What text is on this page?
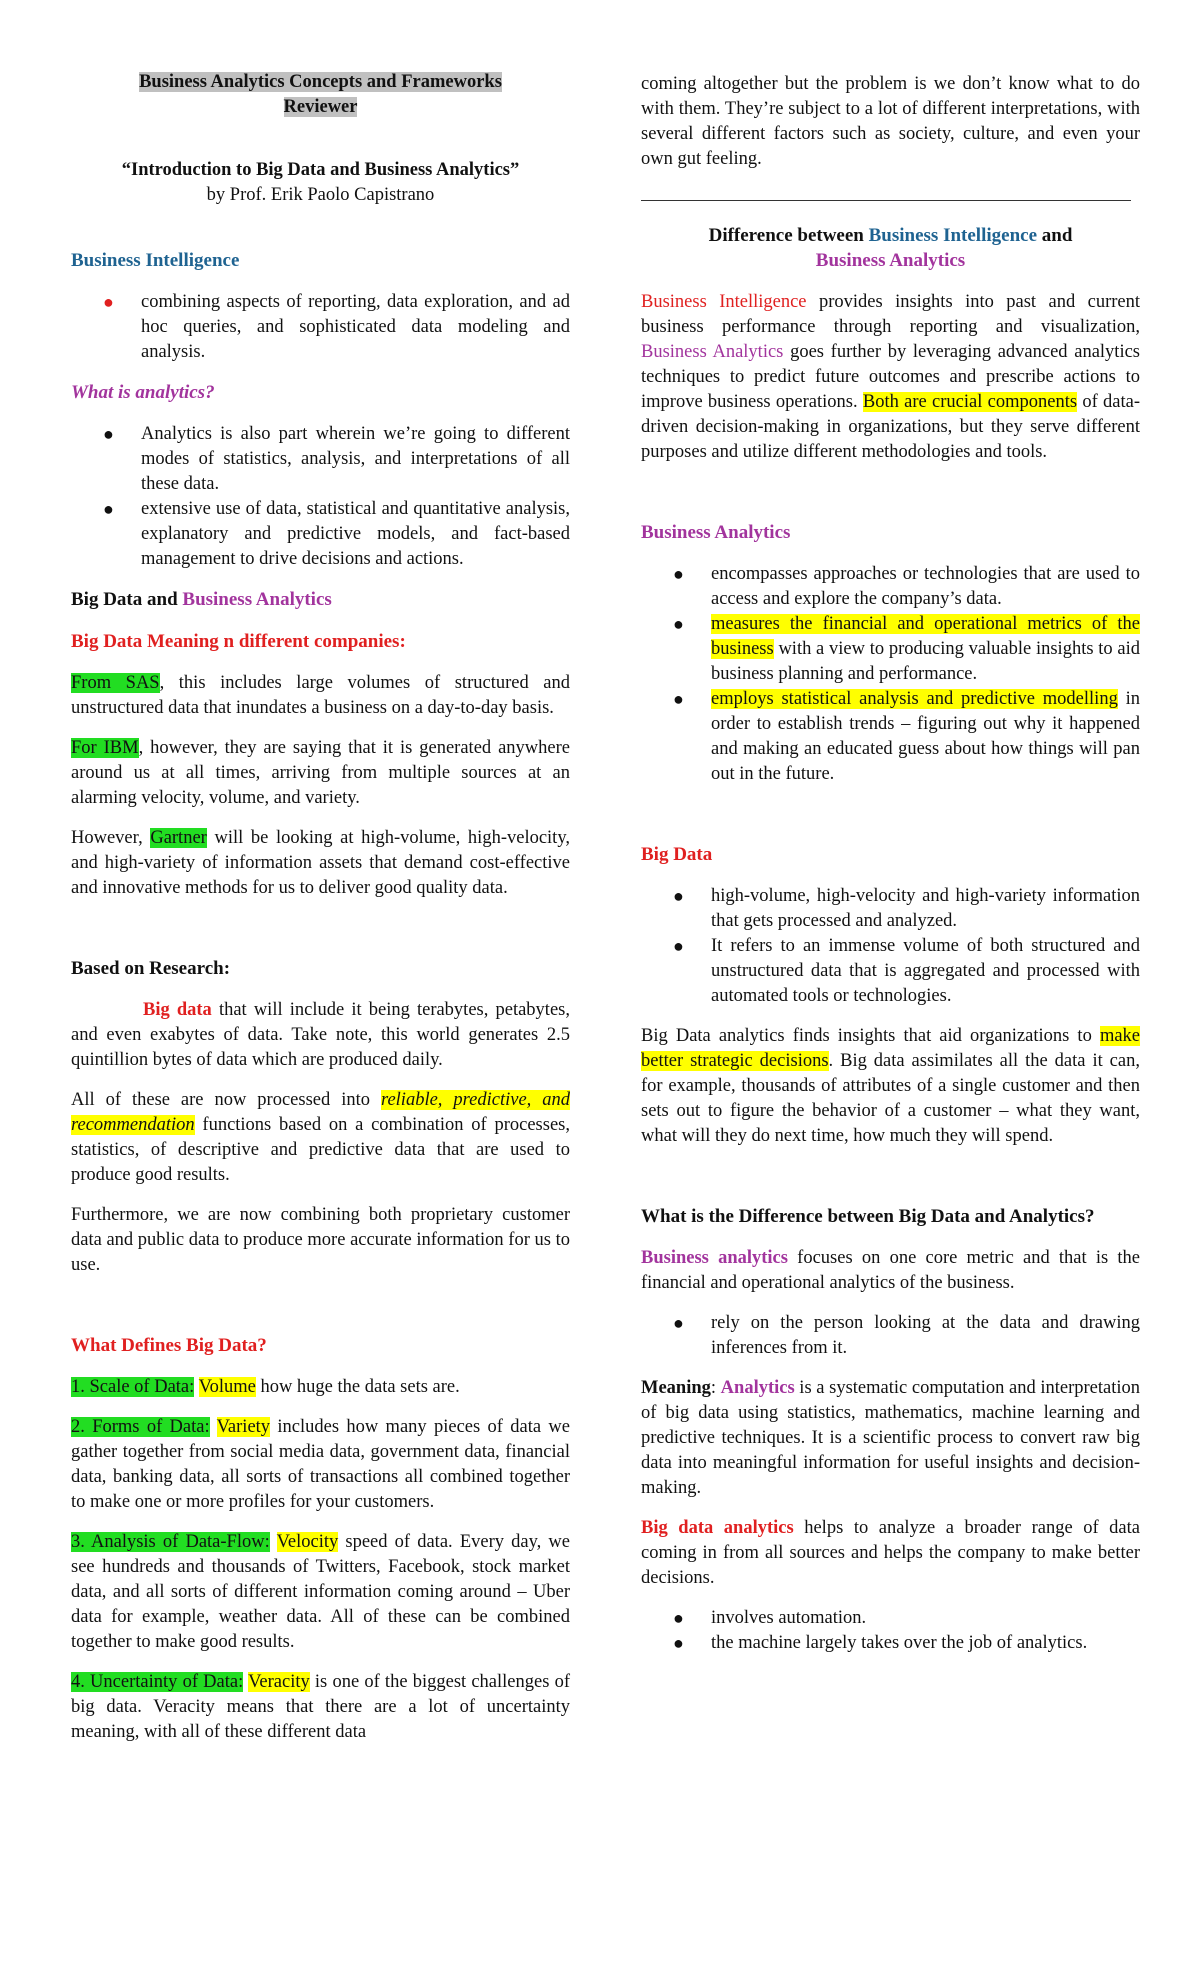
Business Analytics Concepts and Frameworks
Reviewer
“Introduction to Big Data and Business Analytics”
by Prof. Erik Paolo Capistrano
Business Intelligence
● combining aspects of reporting, data exploration, and ad hoc queries, and sophisticated data modeling and analysis.
What is analytics?
● Analytics is also part wherein we’re going to different modes of statistics, analysis, and interpretations of all these data.
● extensive use of data, statistical and quantitative analysis, explanatory and predictive models, and fact-based management to drive decisions and actions.
Big Data and Business Analytics
Big Data Meaning n different companies:

From SAS, this includes large volumes of structured and unstructured data that inundates a business on a day-to-day basis.

For IBM, however, they are saying that it is generated anywhere around us at all times, arriving from multiple sources at an alarming velocity, volume, and variety.

However, Gartner will be looking at high-volume, high-velocity, and high-variety of information assets that demand cost-effective and innovative methods for us to deliver good quality data.

Based on Research:

Big data that will include it being terabytes, petabytes, and even exabytes of data. Take note, this world generates 2.5 quintillion bytes of data which are produced daily.

All of these are now processed into reliable, predictive, and recommendation functions based on a combination of processes, statistics, of descriptive and predictive data that are used to produce good results.

Furthermore, we are now combining both proprietary customer data and public data to produce more accurate information for us to use.

What Defines Big Data?

1. Scale of Data: Volume how huge the data sets are.

2. Forms of Data: Variety includes how many pieces of data we gather together from social media data, government data, financial data, banking data, all sorts of transactions all combined together to make one or more profiles for your customers.

3. Analysis of Data-Flow: Velocity speed of data. Every day, we see hundreds and thousands of Twitters, Facebook, stock market data, and all sorts of different information coming around – Uber data for example, weather data. All of these can be combined together to make good results.

4. Uncertainty of Data: Veracity is one of the biggest challenges of big data. Veracity means that there are a lot of uncertainty meaning, with all of these different data

coming altogether but the problem is we don’t know what to do with them. They’re subject to a lot of different interpretations, with several different factors such as society, culture, and even your own gut feeling.

Difference between Business Intelligence and
Business Analytics

Business Intelligence provides insights into past and current business performance through reporting and visualization, Business Analytics goes further by leveraging advanced analytics techniques to predict future outcomes and prescribe actions to improve business operations. Both are crucial components of data-driven decision-making in organizations, but they serve different purposes and utilize different methodologies and tools.

Business Analytics
● encompasses approaches or technologies that are used to access and explore the company’s data.
● measures the financial and operational metrics of the business with a view to producing valuable insights to aid business planning and performance.
● employs statistical analysis and predictive modelling in order to establish trends – figuring out why it happened and making an educated guess about how things will pan out in the future.
Big Data
● high-volume, high-velocity and high-variety information that gets processed and analyzed.
● It refers to an immense volume of both structured and unstructured data that is aggregated and processed with automated tools or technologies.

Big Data analytics finds insights that aid organizations to make better strategic decisions. Big data assimilates all the data it can, for example, thousands of attributes of a single customer and then sets out to figure the behavior of a customer – what they want, what will they do next time, how much they will spend.

What is the Difference between Big Data and Analytics?

Business analytics focuses on one core metric and that is the financial and operational analytics of the business.

● rely on the person looking at the data and drawing inferences from it.

Meaning: Analytics is a systematic computation and interpretation of big data using statistics, mathematics, machine learning and predictive techniques. It is a scientific process to convert raw big data into meaningful information for useful insights and decision-making.

Big data analytics helps to analyze a broader range of data coming in from all sources and helps the company to make better decisions.

● involves automation.
● the machine largely takes over the job of analytics.
